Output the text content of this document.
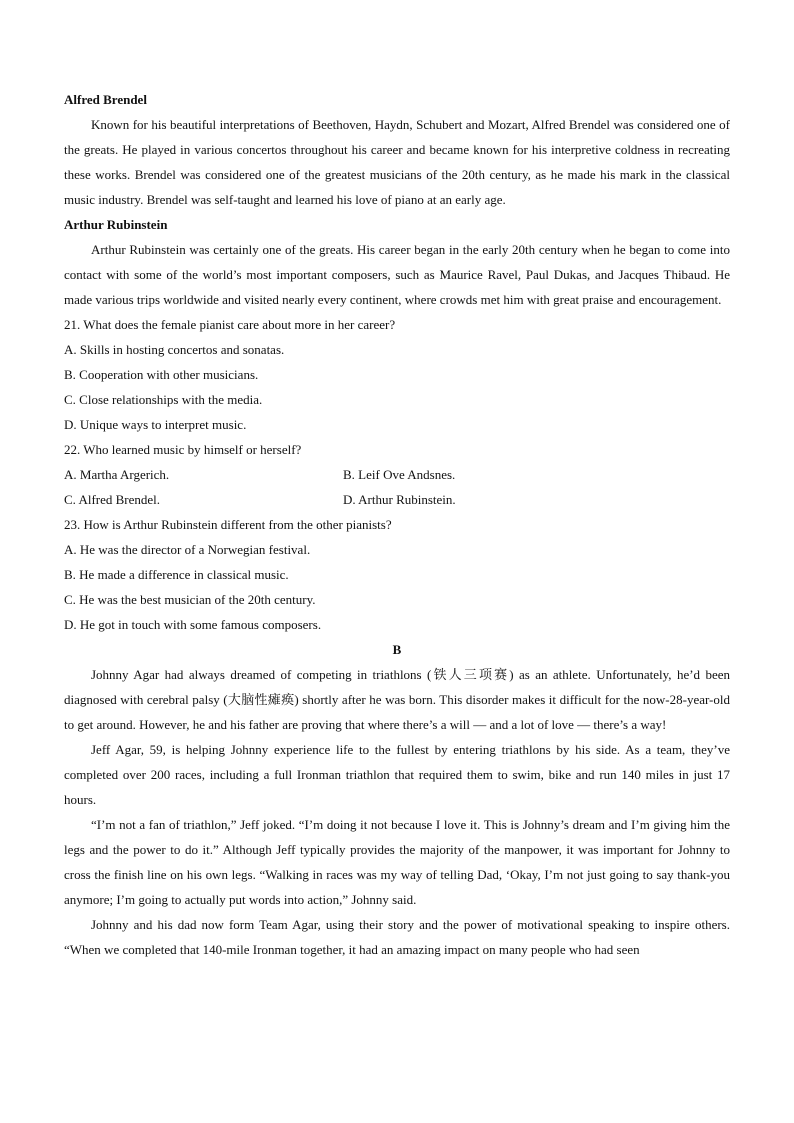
Alfred Brendel

Known for his beautiful interpretations of Beethoven, Haydn, Schubert and Mozart, Alfred Brendel was considered one of the greats. He played in various concertos throughout his career and became known for his interpretive coldness in recreating these works. Brendel was considered one of the greatest musicians of the 20th century, as he made his mark in the classical music industry. Brendel was self-taught and learned his love of piano at an early age.

Arthur Rubinstein

Arthur Rubinstein was certainly one of the greats. His career began in the early 20th century when he began to come into contact with some of the world’s most important composers, such as Maurice Ravel, Paul Dukas, and Jacques Thibaud. He made various trips worldwide and visited nearly every continent, where crowds met him with great praise and encouragement.

21. What does the female pianist care about more in her career?

A. Skills in hosting concertos and sonatas.

B. Cooperation with other musicians.

C. Close relationships with the media.

D. Unique ways to interpret music.

22. Who learned music by himself or herself?

A. Martha Argerich.	B. Leif Ove Andsnes.
C. Alfred Brendel.	D. Arthur Rubinstein.

23. How is Arthur Rubinstein different from the other pianists?

A. He was the director of a Norwegian festival.

B. He made a difference in classical music.

C. He was the best musician of the 20th century.

D. He got in touch with some famous composers.

B

Johnny Agar had always dreamed of competing in triathlons (铁人三项赛) as an athlete. Unfortunately, he’d been diagnosed with cerebral palsy (大脑性瘫痪) shortly after he was born. This disorder makes it difficult for the now-28-year-old to get around. However, he and his father are proving that where there’s a will — and a lot of love — there’s a way!

Jeff Agar, 59, is helping Johnny experience life to the fullest by entering triathlons by his side. As a team, they’ve completed over 200 races, including a full Ironman triathlon that required them to swim, bike and run 140 miles in just 17 hours.

“I’m not a fan of triathlon,” Jeff joked. “I’m doing it not because I love it. This is Johnny’s dream and I’m giving him the legs and the power to do it.” Although Jeff typically provides the majority of the manpower, it was important for Johnny to cross the finish line on his own legs. “Walking in races was my way of telling Dad, ‘Okay, I’m not just going to say thank-you anymore; I’m going to actually put words into action,” Johnny said.

Johnny and his dad now form Team Agar, using their story and the power of motivational speaking to inspire others. “When we completed that 140-mile Ironman together, it had an amazing impact on many people who had seen
